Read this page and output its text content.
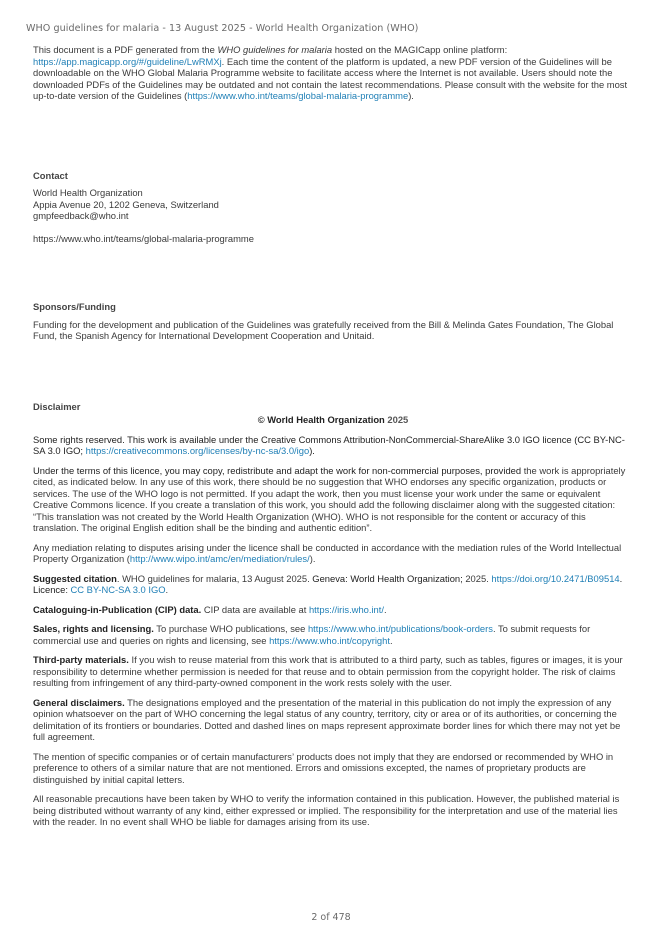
WHO guidelines for malaria - 13 August 2025 - World Health Organization (WHO)

This document is a PDF generated from the WHO guidelines for malaria hosted on the MAGICapp online platform: https://app.magicapp.org/#/guideline/LwRMXj. Each time the content of the platform is updated, a new PDF version of the Guidelines will be downloadable on the WHO Global Malaria Programme website to facilitate access where the Internet is not available. Users should note the downloaded PDFs of the Guidelines may be outdated and not contain the latest recommendations. Please consult with the website for the most up-to-date version of the Guidelines (https://www.who.int/teams/global-malaria-programme).

Contact

World Health Organization

Appia Avenue 20, 1202 Geneva, Switzerland

gmpfeedback@who.int

https://www.who.int/teams/global-malaria-programme

Sponsors/Funding

Funding for the development and publication of the Guidelines was gratefully received from the Bill & Melinda Gates Foundation, The Global Fund, the Spanish Agency for International Development Cooperation and Unitaid.

Disclaimer

© World Health Organization 2025

Some rights reserved. This work is available under the Creative Commons Attribution-NonCommercial-ShareAlike 3.0 IGO licence (CC BY-NC-SA 3.0 IGO; https://creativecommons.org/licenses/by-nc-sa/3.0/igo).

Under the terms of this licence, you may copy, redistribute and adapt the work for non-commercial purposes, provided the work is appropriately cited, as indicated below. In any use of this work, there should be no suggestion that WHO endorses any specific organization, products or services. The use of the WHO logo is not permitted. If you adapt the work, then you must license your work under the same or equivalent Creative Commons licence. If you create a translation of this work, you should add the following disclaimer along with the suggested citation: “This translation was not created by the World Health Organization (WHO). WHO is not responsible for the content or accuracy of this translation. The original English edition shall be the binding and authentic edition”.

Any mediation relating to disputes arising under the licence shall be conducted in accordance with the mediation rules of the World Intellectual Property Organization (http://www.wipo.int/amc/en/mediation/rules/).

Suggested citation. WHO guidelines for malaria, 13 August 2025. Geneva: World Health Organization; 2025. https://doi.org/10.2471/B09514. Licence: CC BY-NC-SA 3.0 IGO.

Cataloguing-in-Publication (CIP) data. CIP data are available at https://iris.who.int/.

Sales, rights and licensing. To purchase WHO publications, see https://www.who.int/publications/book-orders. To submit requests for commercial use and queries on rights and licensing, see https://www.who.int/copyright.

Third-party materials. If you wish to reuse material from this work that is attributed to a third party, such as tables, figures or images, it is your responsibility to determine whether permission is needed for that reuse and to obtain permission from the copyright holder. The risk of claims resulting from infringement of any third-party-owned component in the work rests solely with the user.

General disclaimers. The designations employed and the presentation of the material in this publication do not imply the expression of any opinion whatsoever on the part of WHO concerning the legal status of any country, territory, city or area or of its authorities, or concerning the delimitation of its frontiers or boundaries. Dotted and dashed lines on maps represent approximate border lines for which there may not yet be full agreement.

The mention of specific companies or of certain manufacturers’ products does not imply that they are endorsed or recommended by WHO in preference to others of a similar nature that are not mentioned. Errors and omissions excepted, the names of proprietary products are distinguished by initial capital letters.

All reasonable precautions have been taken by WHO to verify the information contained in this publication. However, the published material is being distributed without warranty of any kind, either expressed or implied. The responsibility for the interpretation and use of the material lies with the reader. In no event shall WHO be liable for damages arising from its use.

2 of 478
